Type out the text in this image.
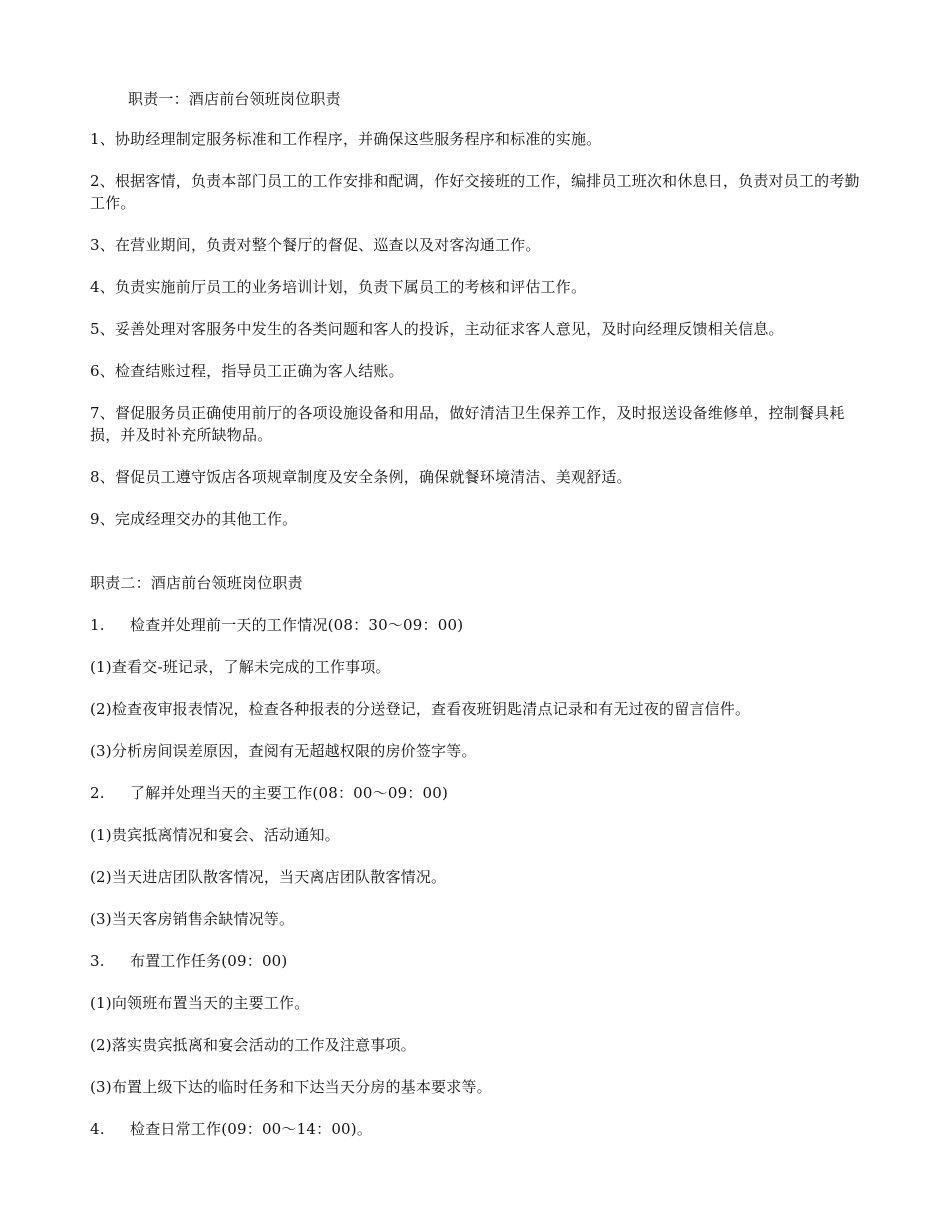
职责一：酒店前台领班岗位职责

1、协助经理制定服务标准和工作程序，并确保这些服务程序和标准的实施。

2、根据客情，负责本部门员工的工作安排和配调，作好交接班的工作，编排员工班次和休息日，负责对员工的考勤工作。

3、在营业期间，负责对整个餐厅的督促、巡查以及对客沟通工作。

4、负责实施前厅员工的业务培训计划，负责下属员工的考核和评估工作。

5、妥善处理对客服务中发生的各类问题和客人的投诉，主动征求客人意见，及时向经理反馈相关信息。

6、检查结账过程，指导员工正确为客人结账。

7、督促服务员正确使用前厅的各项设施设备和用品，做好清洁卫生保养工作，及时报送设备维修单，控制餐具耗损，并及时补充所缺物品。

8、督促员工遵守饭店各项规章制度及安全条例，确保就餐环境清洁、美观舒适。

9、完成经理交办的其他工作。

职责二：酒店前台领班岗位职责

1.	检查并处理前一天的工作情况(08：30～09：00)

(1)查看交-班记录，了解未完成的工作事项。

(2)检查夜审报表情况，检查各种报表的分送登记，查看夜班钥匙清点记录和有无过夜的留言信件。

(3)分析房间误差原因，查阅有无超越权限的房价签字等。

2.	了解并处理当天的主要工作(08：00～09：00)

(1)贵宾抵离情况和宴会、活动通知。

(2)当天进店团队散客情况，当天离店团队散客情况。

(3)当天客房销售余缺情况等。

3.	布置工作任务(09：00)

(1)向领班布置当天的主要工作。

(2)落实贵宾抵离和宴会活动的工作及注意事项。

(3)布置上级下达的临时任务和下达当天分房的基本要求等。

4.	检查日常工作(09：00～14：00)。
